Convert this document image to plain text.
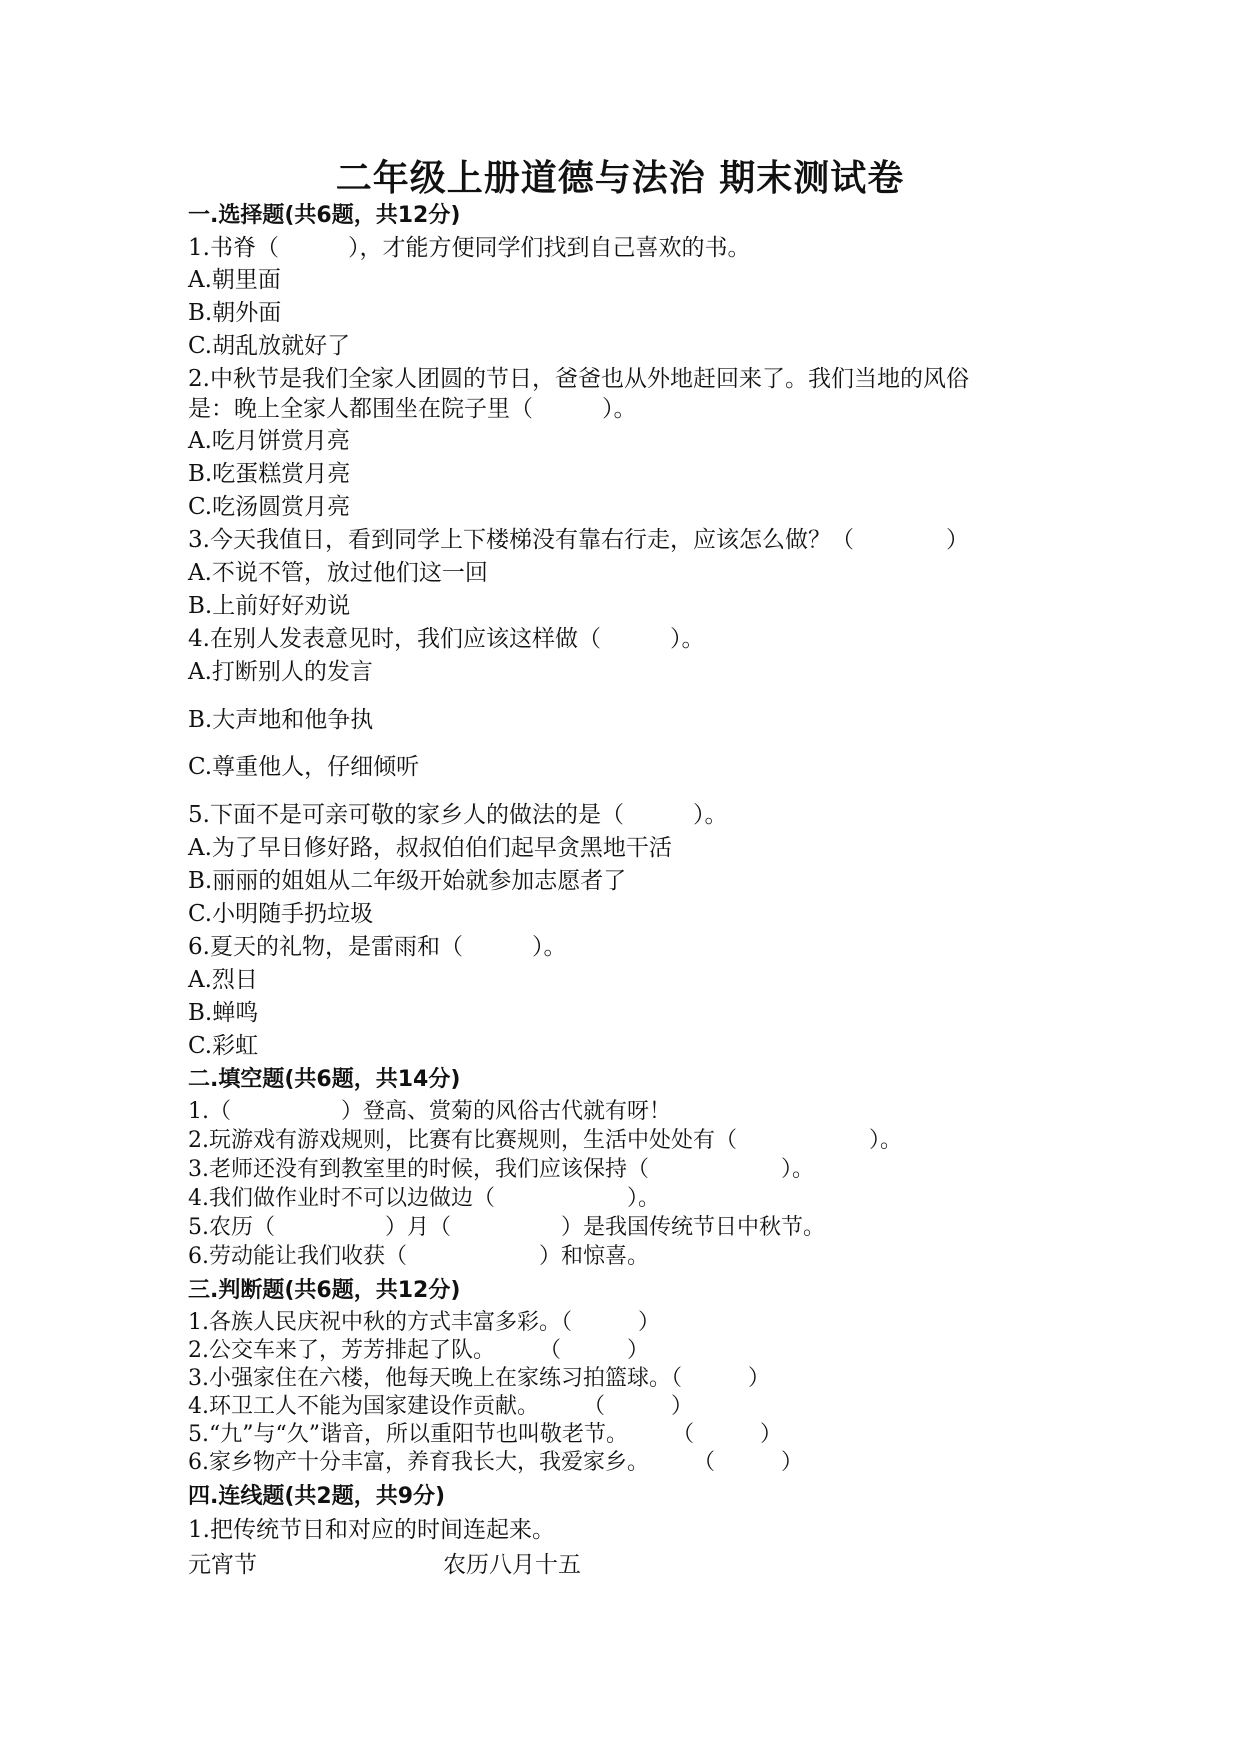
二年级上册道德与法治 期末测试卷
一.选择题(共6题，共12分)
1.书脊（　　　），才能方便同学们找到自己喜欢的书。
A.朝里面
B.朝外面
C.胡乱放就好了
2.中秋节是我们全家人团圆的节日，爸爸也从外地赶回来了。我们当地的风俗
是：晚上全家人都围坐在院子里（　　　）。
A.吃月饼赏月亮
B.吃蛋糕赏月亮
C.吃汤圆赏月亮
3.今天我值日，看到同学上下楼梯没有靠右行走，应该怎么做？（　　　　）
A.不说不管，放过他们这一回
B.上前好好劝说
4.在别人发表意见时，我们应该这样做（　　　）。
A.打断别人的发言
B.大声地和他争执
C.尊重他人，仔细倾听
5.下面不是可亲可敬的家乡人的做法的是（　　　）。
A.为了早日修好路，叔叔伯伯们起早贪黑地干活
B.丽丽的姐姐从二年级开始就参加志愿者了
C.小明随手扔垃圾
6.夏天的礼物，是雷雨和（　　　）。
A.烈日
B.蝉鸣
C.彩虹
二.填空题(共6题，共14分)
1.（　　　　　）登高、赏菊的风俗古代就有呀！
2.玩游戏有游戏规则，比赛有比赛规则，生活中处处有（　　　　　　）。
3.老师还没有到教室里的时候，我们应该保持（　　　　　　）。
4.我们做作业时不可以边做边（　　　　　　）。
5.农历（　　　　　）月（　　　　　）是我国传统节日中秋节。
6.劳动能让我们收获（　　　　　　）和惊喜。
三.判断题(共6题，共12分)
1.各族人民庆祝中秋的方式丰富多彩。（　　　）
2.公交车来了，芳芳排起了队。　　　（　　　）
3.小强家住在六楼，他每天晚上在家练习拍篮球。（　　　）
4.环卫工人不能为国家建设作贡献。　　　（　　　）
5.“九”与“久”谐音，所以重阳节也叫敬老节。　　　（　　　）
6.家乡物产十分丰富，养育我长大，我爱家乡。　　　（　　　）
四.连线题(共2题，共9分)
1.把传统节日和对应的时间连起来。
元宵节	农历八月十五
